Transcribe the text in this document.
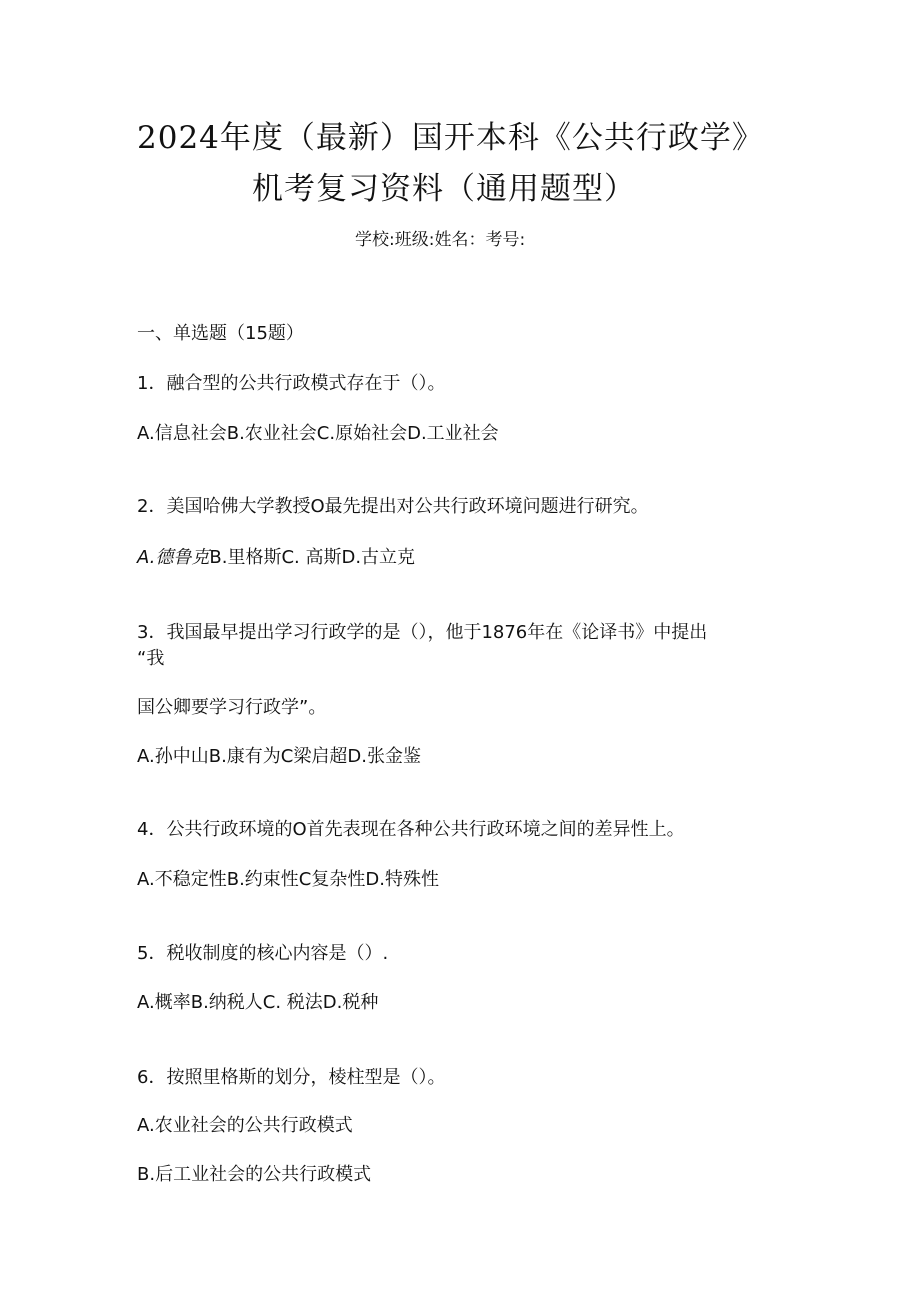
2024年度（最新）国开本科《公共行政学》
机考复习资料（通用题型）
学校:班级:姓名：考号:
一、单选题（15题）
1．融合型的公共行政模式存在于（）。
A.信息社会B.农业社会C.原始社会D.工业社会
2．美国哈佛大学教授O最先提出对公共行政环境问题进行研究。
A.德鲁克B.里格斯C. 高斯D.古立克
3．我国最早提出学习行政学的是（），他于1876年在《论译书》中提出
“我
国公卿要学习行政学”。
A.孙中山B.康有为C梁启超D.张金鉴
4．公共行政环境的O首先表现在各种公共行政环境之间的差异性上。
A.不稳定性B.约束性C复杂性D.特殊性
5．税收制度的核心内容是（）.
A.概率B.纳税人C. 税法D.税种
6．按照里格斯的划分，棱柱型是（）。
A.农业社会的公共行政模式
B.后工业社会的公共行政模式
